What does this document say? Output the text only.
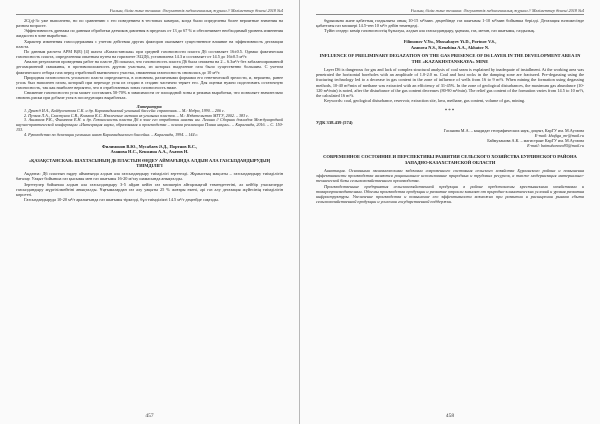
Ғылым, білім және техника: Әлеуметтік педагогикалық журнал // Мәліметтер дізгені 2018 №4
2С(д)-3с уже выполнено, но по сравнению с его поведением в тестовых камерах, когда были определены более вероятные значения на разном возрасте.
Эффективность дренажа по данным обработки датчиков давления в пределах от 13 до 67 % и обеспечивает необходимый уровень изменения жидкости в зоне выработки.
Характер изменения газосодержания с учетом действия других факторов оказывает существенное влияние на эффективность дегазации пласта.
По данным расчета АРМ В(Е) [4] шахта «Казахстанская» при средней газоносности пласта Д6 составляет 16±0.5. Однако фактическая газоносность пласта, определенная опытным путем на горизонте Э22Д6, установлена 14.3 и составляет от 14.5 до 16±0.5 м³/т.
Анализ результатов проведения работ на пласте Д6 показал, что газоносность пласта Д6 была снижена на 2 – 6.3м³/т без забалансированной дегазационной скважины, в противоположность другим участкам, из которых выделение газа было существенно большим. С учетом фактического отбора газа перед отработкой выемочного участка, сниженная газоносность снизилась до 10 м³/т.
Природная газоносность угольного пласта определяется, в основном, различными формами его генетической зрелости, и, вероятно, ранее уголь был наполнен газом, который при переходе угля из стадии в стадию частично теряет его. Для оценки нужно подготовить остаточную газоносность, так как наиболее вероятно, что в отработанных зонах газоносность ниже.
Снижение газоносности угля может составлять 50-70% в зависимости от площадной зоны и режима выработки, что позволяет значительно снизить риски при добыче угля в последующих выработках.
Литература:
1. Дрижд И.А., Байдусеитова С.К. и др. Карагандинский угольный бассейн: справочник. – М.: Недра, 1990. – 206 с.
2. Пучков Л.А., Сластунов С.В., Коликов К.С. Извлечение метана из угольных пластов. – М.: Издательство МГГУ, 2002. – 383 с.
3. Ашмахов Р.К., Филиппов Е.Н. и др. Газоносность пласта Д6 в зоне его отработки шахты им. Ленина // Сборник докладов Международной научно-практической конференции «Интеграция науки, образования и производства – основа реализации Плана нации». – Караганда, 2016. – С. 150-153.
4. Руководство по дегазации угольных шахт Карагандинского бассейна. – Караганда, 1994. – 144 с.
Филимонов В.Ю., Мусабаев Ә.Д., Портнов В.С.,
Азанова Н.С., Кенжина А.А., Ахатов Н.
«ҚАЗАҚСТАНСКАЯ» ШАХТАСЫНЫҢ Д6 ПЛАСТЫН ӨҢДЕУ АЙМАҒЫНДА АЛДЫН АЛА ГАЗСЫЗДАНДЫРУДЫҢ ТИІМДІЛІГІ
Аңдатпа: Д6 пластын өңдеу аймағында алдын ала газсыздандыру тиімділігі зерттелді. Жұмыстың мақсаты – газсыздандыру тиімділігін бағалау. Уақыт бойынша газ қысымы мен газ шығымы 16-20 м/тәу шамасында анықталды.
Зерттеулер бойынша алдын ала газсыздандыру 3-5 айдан кейін газ мөлшерін айтарлықтай төмендететіні, ал кейбір учаскелерде газсыздандыру жүргізілмейтіні анықталды. Ұңғымалардан газ алу уақыты 25 % жоғары екені, әрі газ алу дегазация жүйесінің тиімділігін көрсетті.
Газсыздандыруда 10-20 м³/т аралығында газ шығымы тіркелді, бұл тиімділікті 14.5 м³/т деңгейде сақтады.
457
Ғылым, білім және техника: Әлеуметтік педагогикалық журнал // Мәліметтер дізгені 2018 №4
бұрышына және қабаттың газдылығы оның 10-15 м³/мин. деңгейінде газ шығымы 1-10 м³/мин бойынша берілді. Дегазация нәтижесінде қабаттағы газ мөлшері 14.5-тен 10 м³/т дейін төмендеді.
Түйін сөздер: көмір газоносностің бұзылуы, алдын ала газсыздандыру, ұңғыма, газ, метан, газ шығымы, газдылық.
Filimonov V.Yu., Mussabayev Yi.D., Portnov V.S.,
Azanova N.S., Kenzhina A.A., Akhatov N.
INFLUENCE OF PRELIMINARY DEGAZATION ON THE GAS PRESENCE OF D6 LAYER IN THE DEVELOPMENT AREA IN THE «KAZAKHSTANSKAYA» MINE
Layer D6 is dangerous for gas and lack of complex structural analysis of coal seam is explained by inadequate of installment. At the working area was penetrated the horizontal boreholes with an amplitude of 1.0-2.0 m. Coal and host rocks in the damping zone are fractured. Pre-degassing using the fracturing technology led to a decrease in gas content in the zone of influence of wells from 16 to 9 m³/t. When mining the formation using degassing methods, 10-40 m³/min of methane was extracted with an efficiency of 31-45%. In the zone of geological disturbances, the maximum gas abundance (10-120 m³/min) is noted, after the disturbance of the gas content decreases (80-90 m³/min). The relief gas content of the formation varies from 14.5 to 10 m³/t, the calculated 16 m³/t.
Keywords: coal, geological disturbance, reservoir, extraction site, lava, methane, gas content, volume of gas, mining.
***
УДК 338.439 (574)
Гасанова М.А. – кандидат географических наук, доцент, КарГУ им. М.Ауэзова
E-mail: khafiga_mr@mail.ru
Баймуханова А.К. – магистрант КарГУ им. М.Ауэзова
E-mail: baimuhanova95@mail.ru
СОВРЕМЕННОЕ СОСТОЯНИЕ И ПЕРСПЕКТИВЫ РАЗВИТИЯ СЕЛЬСКОГО ХОЗЯЙСТВА БУРЛИНСКОГО РАЙОНА ЗАПАДНО-КАЗАХСТАНСКОЙ ОБЛАСТИ
Аннотация. Основными экономическими задачами современного состояния сельского хозяйства Бурлинского района и повышения эффективности производства являются рациональное использование природных и трудовых ресурсов, а также модернизация материально-технической базы сельскохозяйственного производства.
Производственные предприятия сельскохозяйственной продукции в районе представлены крестьянскими хозяйствами и товаропроизводителями. Объемы производства продукции и развитие отрасли зависят от природно-климатических условий и уровня развития инфраструктуры. Увеличение производства и повышение его эффективности возможно при развитии и расширении рынков сбыта сельскохозяйственной продукции и усилении государственной поддержки.
458
